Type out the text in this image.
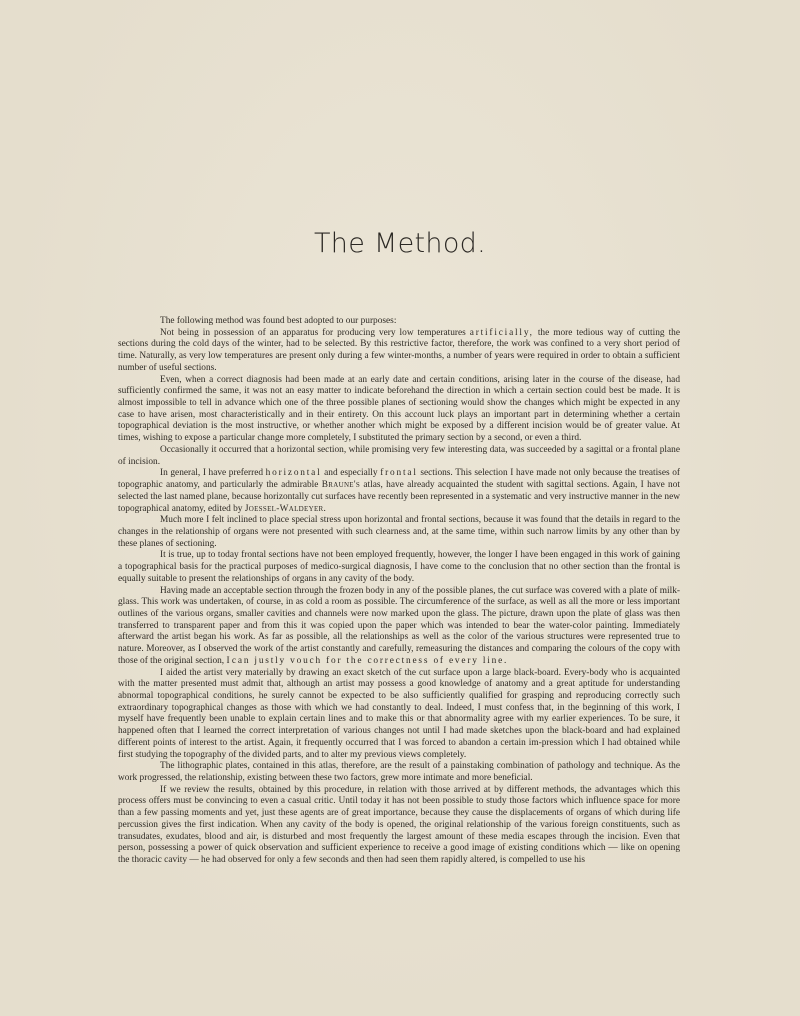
The Method.

The following method was found best adopted to our purposes:

Not being in possession of an apparatus for producing very low temperatures artificially, the more tedious way of cutting the sections during the cold days of the winter, had to be selected. By this restrictive factor, therefore, the work was confined to a very short period of time. Naturally, as very low temperatures are present only during a few winter-months, a number of years were required in order to obtain a sufficient number of useful sections.

Even, when a correct diagnosis had been made at an early date and certain conditions, arising later in the course of the disease, had sufficiently confirmed the same, it was not an easy matter to indicate beforehand the direction in which a certain section could best be made. It is almost impossible to tell in advance which one of the three possible planes of sectioning would show the changes which might be expected in any case to have arisen, most characteristically and in their entirety. On this account luck plays an important part in determining whether a certain topographical deviation is the most instructive, or whether another which might be exposed by a different incision would be of greater value. At times, wishing to expose a particular change more completely, I substituted the primary section by a second, or even a third.

Occasionally it occurred that a horizontal section, while promising very few interesting data, was succeeded by a sagittal or a frontal plane of incision.

In general, I have preferred horizontal and especially frontal sections. This selection I have made not only because the treatises of topographic anatomy, and particularly the admirable Braune's atlas, have already acquainted the student with sagittal sections. Again, I have not selected the last named plane, because horizontally cut surfaces have recently been represented in a systematic and very instructive manner in the new topographical anatomy, edited by Joessel-Waldeyer.

Much more I felt inclined to place special stress upon horizontal and frontal sections, because it was found that the details in regard to the changes in the relationship of organs were not presented with such clearness and, at the same time, within such narrow limits by any other than by these planes of sectioning.

It is true, up to today frontal sections have not been employed frequently, however, the longer I have been engaged in this work of gaining a topographical basis for the practical purposes of medico-surgical diagnosis, I have come to the conclusion that no other section than the frontal is equally suitable to present the relationships of organs in any cavity of the body.

Having made an acceptable section through the frozen body in any of the possible planes, the cut surface was covered with a plate of milk-glass. This work was undertaken, of course, in as cold a room as possible. The circumference of the surface, as well as all the more or less important outlines of the various organs, smaller cavities and channels were now marked upon the glass. The picture, drawn upon the plate of glass was then transferred to transparent paper and from this it was copied upon the paper which was intended to bear the water-color painting. Immediately afterward the artist began his work. As far as possible, all the relationships as well as the color of the various structures were represented true to nature. Moreover, as I observed the work of the artist constantly and carefully, remeasuring the distances and comparing the colours of the copy with those of the original section, I can justly vouch for the correctness of every line.

I aided the artist very materially by drawing an exact sketch of the cut surface upon a large black-board. Every-body who is acquainted with the matter presented must admit that, although an artist may possess a good knowledge of anatomy and a great aptitude for understanding abnormal topographical conditions, he surely cannot be expected to be also sufficiently qualified for grasping and reproducing correctly such extraordinary topographical changes as those with which we had constantly to deal. Indeed, I must confess that, in the beginning of this work, I myself have frequently been unable to explain certain lines and to make this or that abnormality agree with my earlier experiences. To be sure, it happened often that I learned the correct interpretation of various changes not until I had made sketches upon the black-board and had explained different points of interest to the artist. Again, it frequently occurred that I was forced to abandon a certain im-pression which I had obtained while first studying the topography of the divided parts, and to alter my previous views completely.

The lithographic plates, contained in this atlas, therefore, are the result of a painstaking combination of pathology and technique. As the work progressed, the relationship, existing between these two factors, grew more intimate and more beneficial.

If we review the results, obtained by this procedure, in relation with those arrived at by different methods, the advantages which this process offers must be convincing to even a casual critic. Until today it has not been possible to study those factors which influence space for more than a few passing moments and yet, just these agents are of great importance, because they cause the displacements of organs of which during life percussion gives the first indication. When any cavity of the body is opened, the original relationship of the various foreign constituents, such as transudates, exudates, blood and air, is disturbed and most frequently the largest amount of these media escapes through the incision. Even that person, possessing a power of quick observation and sufficient experience to receive a good image of existing conditions which — like on opening the thoracic cavity — he had observed for only a few seconds and then had seen them rapidly altered, is compelled to use his
